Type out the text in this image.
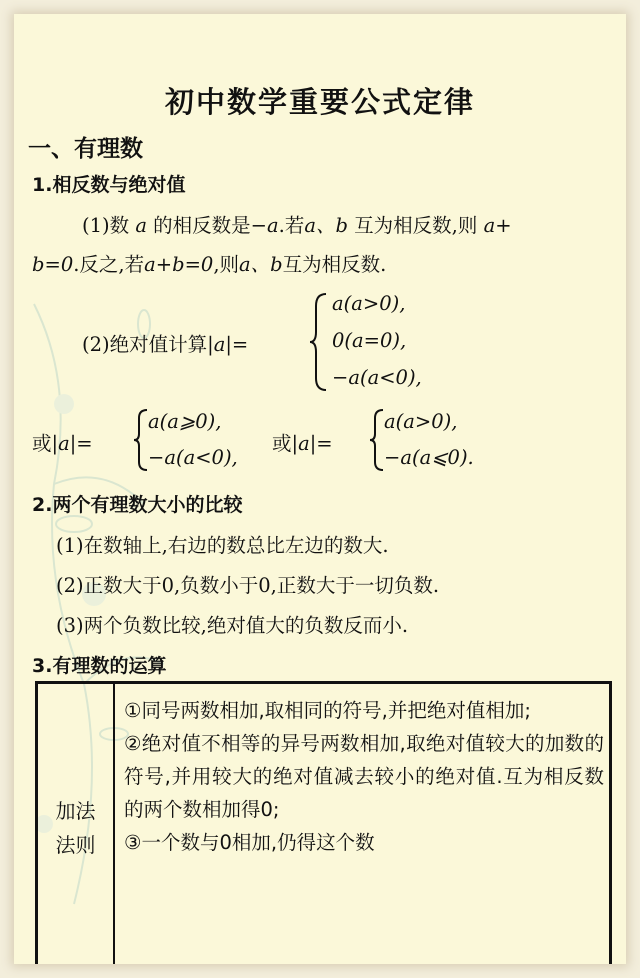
初中数学重要公式定律
一、有理数
1.相反数与绝对值
(1)数 a 的相反数是−a.若a、b 互为相反数,则 a+
b=0.反之,若a+b=0,则a、b互为相反数.
(2)绝对值计算|a|=
a(a>0),
0(a=0),
−a(a<0),
或|a|=
a(a⩾0),
−a(a<0),
或|a|=
a(a>0),
−a(a⩽0).
2.两个有理数大小的比较
(1)在数轴上,右边的数总比左边的数大.
(2)正数大于0,负数小于0,正数大于一切负数.
(3)两个负数比较,绝对值大的负数反而小.
3.有理数的运算
加法
法则
①同号两数相加,取相同的符号,并把绝对值相加;
②绝对值不相等的异号两数相加,取绝对值较大的加数的符号,并用较大的绝对值减去较小的绝对值.互为相反数的两个数相加得0;
③一个数与0相加,仍得这个数
